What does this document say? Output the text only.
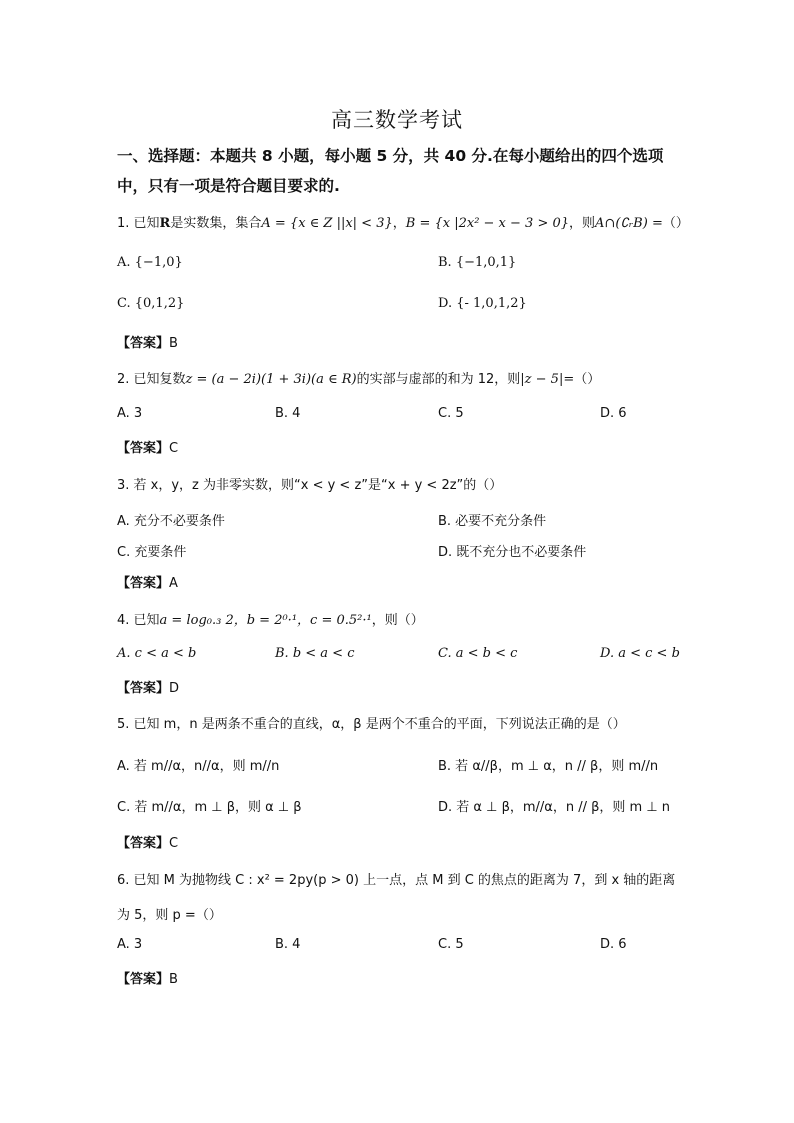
高三数学考试
一、选择题：本题共 8 小题，每小题 5 分，共 40 分.在每小题给出的四个选项中，只有一项是符合题目要求的.
1. 已知R是实数集，集合A = {x ∈ Z ||x| < 3}，B = {x |2x² − x − 3 > 0}，则A∩(∁ᵣB) =（）
A. {−1,0}	B. {−1,0,1}
C. {0,1,2}	D. {- 1,0,1,2}
【答案】B
2. 已知复数z = (a − 2i)(1 + 3i)(a ∈ R)的实部与虚部的和为 12，则|z − 5|=（）
A. 3	B. 4	C. 5	D. 6
【答案】C
3. 若 x，y，z 为非零实数，则“x < y < z”是“x + y < 2z”的（）
A. 充分不必要条件	B. 必要不充分条件
C. 充要条件	D. 既不充分也不必要条件
【答案】A
4. 已知a = log₀.₃ 2，b = 2⁰·¹，c = 0.5²·¹，则（）
A. c < a < b	B. b < a < c	C. a < b < c	D. a < c < b
【答案】D
5. 已知 m，n 是两条不重合的直线，α，β 是两个不重合的平面，下列说法正确的是（）
A. 若 m//α，n//α，则 m//n	B. 若 α//β，m ⊥ α，n // β，则 m//n
C. 若 m//α，m ⊥ β，则 α ⊥ β	D. 若 α ⊥ β，m//α，n // β，则 m ⊥ n
【答案】C
6. 已知 M 为抛物线 C : x² = 2py(p > 0) 上一点，点 M 到 C 的焦点的距离为 7，到 x 轴的距离
为 5，则 p =（）
A. 3	B. 4	C. 5	D. 6
【答案】B
